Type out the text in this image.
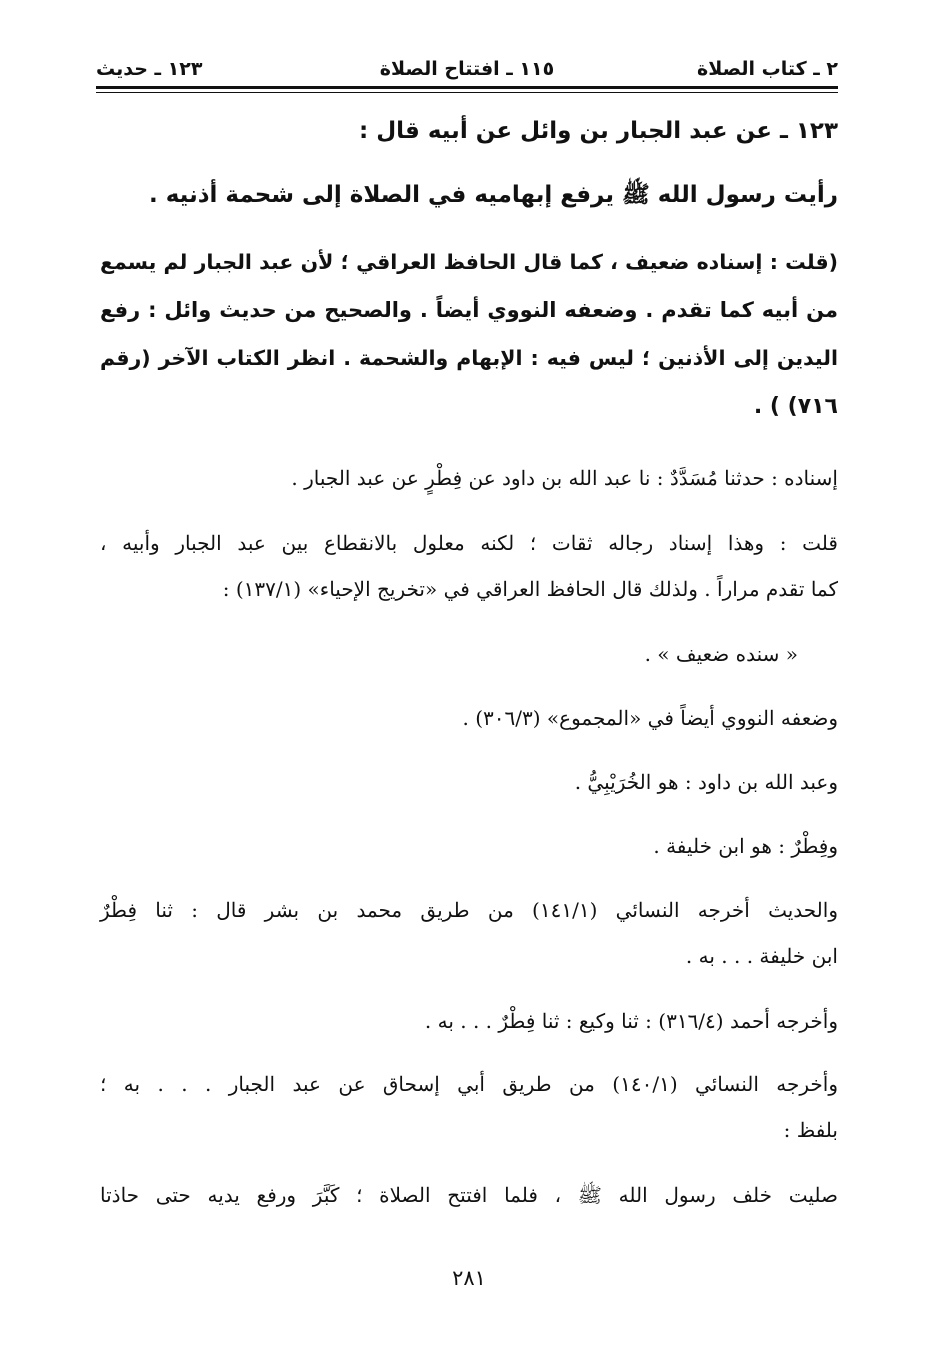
٢ ـ كتاب الصلاة
١١٥ ـ افتتاح الصلاة
١٢٣ ـ حديث
١٢٣ ـ عن عبد الجبار بن وائل عن أبيه قال :
رأيت رسول الله ﷺ يرفع إبهاميه في الصلاة إلى شحمة أذنيه .
(قلت : إسناده ضعيف ، كما قال الحافظ العراقي ؛ لأن عبد الجبار لم يسمع
من أبيه كما تقدم . وضعفه النووي أيضاً . والصحيح من حديث وائل : رفع
اليدين إلى الأذنين ؛ ليس فيه : الإبهام والشحمة . انظر الكتاب الآخر (رقم
٧١٦) ) .
إسناده : حدثنا مُسَدَّدٌ : نا عبد الله بن داود عن فِطْرٍ عن عبد الجبار .
قلت : وهذا إسناد رجاله ثقات ؛ لكنه معلول بالانقطاع بين عبد الجبار وأبيه ،
كما تقدم مراراً . ولذلك قال الحافظ العراقي في «تخريج الإحياء» (١٣٧/١) :
« سنده ضعيف » .
وضعفه النووي أيضاً في «المجموع» (٣٠٦/٣) .
وعبد الله بن داود : هو الخُرَيْبِيُّ .
وفِطْرٌ : هو ابن خليفة .
والحديث أخرجه النسائي (١٤١/١) من طريق محمد بن بشر قال : ثنا فِطْرٌ
ابن خليفة . . . به .
وأخرجه أحمد (٣١٦/٤) : ثنا وكيع : ثنا فِطْرٌ . . . به .
وأخرجه النسائي (١٤٠/١) من طريق أبي إسحاق عن عبد الجبار . . . به ؛
بلفظ :
صليت خلف رسول الله ﷺ ، فلما افتتح الصلاة ؛ كَبَّرَ ورفع يديه حتى حاذتا
٢٨١
